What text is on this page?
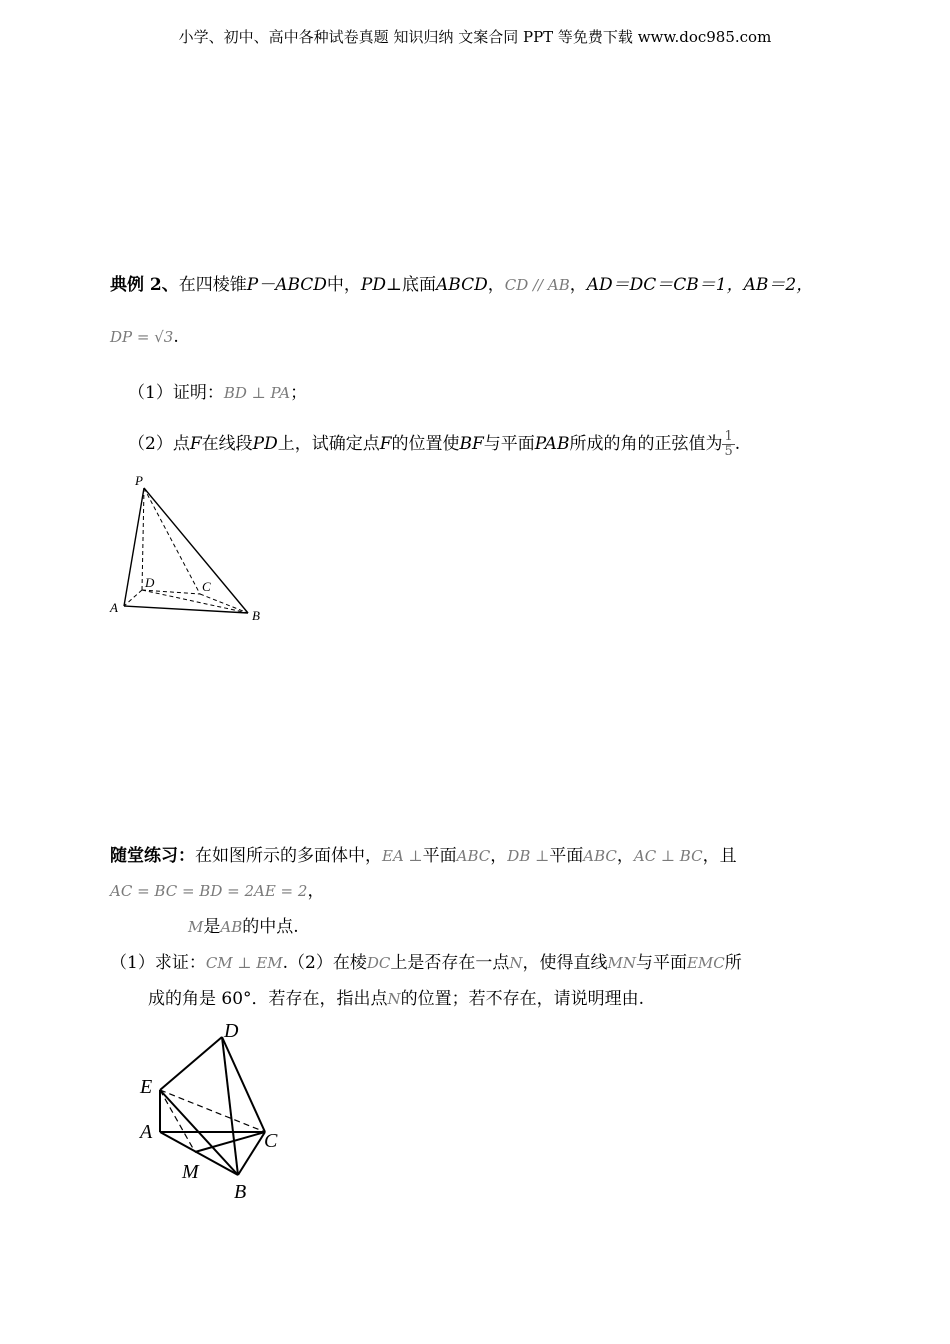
小学、初中、高中各种试卷真题 知识归纳 文案合同 PPT 等免费下载 www.doc985.com
典例 2、在四棱锥P－ABCD中，PD⊥底面ABCD，CD // AB，AD＝DC＝CB＝1，AB＝2，
DP = √3.
（1）证明：BD ⊥ PA；
（2）点F在线段PD上，试确定点F的位置使BF与平面PAB所成的角的正弦值为 $\frac{1}{5}$ .
P
D	C
A
B
随堂练习：在如图所示的多面体中，EA ⊥平面ABC，DB ⊥平面ABC，AC ⊥ BC，且
AC = BC = BD = 2AE = 2，
M是AB的中点.
（1）求证：CM ⊥ EM.（2）在棱DC上是否存在一点N，使得直线MN与平面EMC所
成的角是 60°．若存在，指出点N的位置；若不存在，请说明理由.
D
E
A	C
M
B
